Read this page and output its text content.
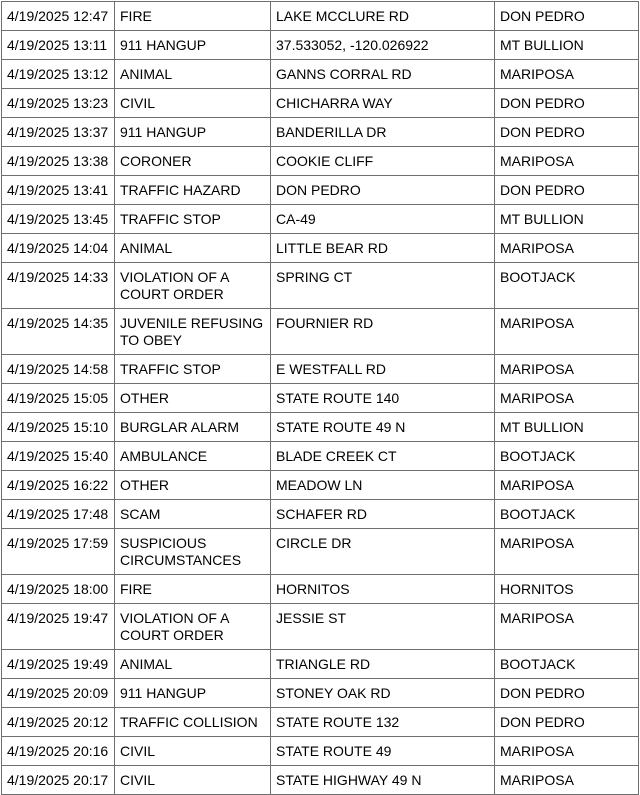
4/19/2025 12:47	FIRE	LAKE MCCLURE RD	DON PEDRO
4/19/2025 13:11	911 HANGUP	37.533052, -120.026922	MT BULLION
4/19/2025 13:12	ANIMAL	GANNS CORRAL RD	MARIPOSA
4/19/2025 13:23	CIVIL	CHICHARRA WAY	DON PEDRO
4/19/2025 13:37	911 HANGUP	BANDERILLA DR	DON PEDRO
4/19/2025 13:38	CORONER	COOKIE CLIFF	MARIPOSA
4/19/2025 13:41	TRAFFIC HAZARD	DON PEDRO	DON PEDRO
4/19/2025 13:45	TRAFFIC STOP	CA-49	MT BULLION
4/19/2025 14:04	ANIMAL	LITTLE BEAR RD	MARIPOSA
4/19/2025 14:33	VIOLATION OF A
COURT ORDER	SPRING CT	BOOTJACK
4/19/2025 14:35	JUVENILE REFUSING
TO OBEY	FOURNIER RD	MARIPOSA
4/19/2025 14:58	TRAFFIC STOP	E WESTFALL RD	MARIPOSA
4/19/2025 15:05	OTHER	STATE ROUTE 140	MARIPOSA
4/19/2025 15:10	BURGLAR ALARM	STATE ROUTE 49 N	MT BULLION
4/19/2025 15:40	AMBULANCE	BLADE CREEK CT	BOOTJACK
4/19/2025 16:22	OTHER	MEADOW LN	MARIPOSA
4/19/2025 17:48	SCAM	SCHAFER RD	BOOTJACK
4/19/2025 17:59	SUSPICIOUS
CIRCUMSTANCES	CIRCLE DR	MARIPOSA
4/19/2025 18:00	FIRE	HORNITOS	HORNITOS
4/19/2025 19:47	VIOLATION OF A
COURT ORDER	JESSIE ST	MARIPOSA
4/19/2025 19:49	ANIMAL	TRIANGLE RD	BOOTJACK
4/19/2025 20:09	911 HANGUP	STONEY OAK RD	DON PEDRO
4/19/2025 20:12	TRAFFIC COLLISION	STATE ROUTE 132	DON PEDRO
4/19/2025 20:16	CIVIL	STATE ROUTE 49	MARIPOSA
4/19/2025 20:17	CIVIL	STATE HIGHWAY 49 N	MARIPOSA
